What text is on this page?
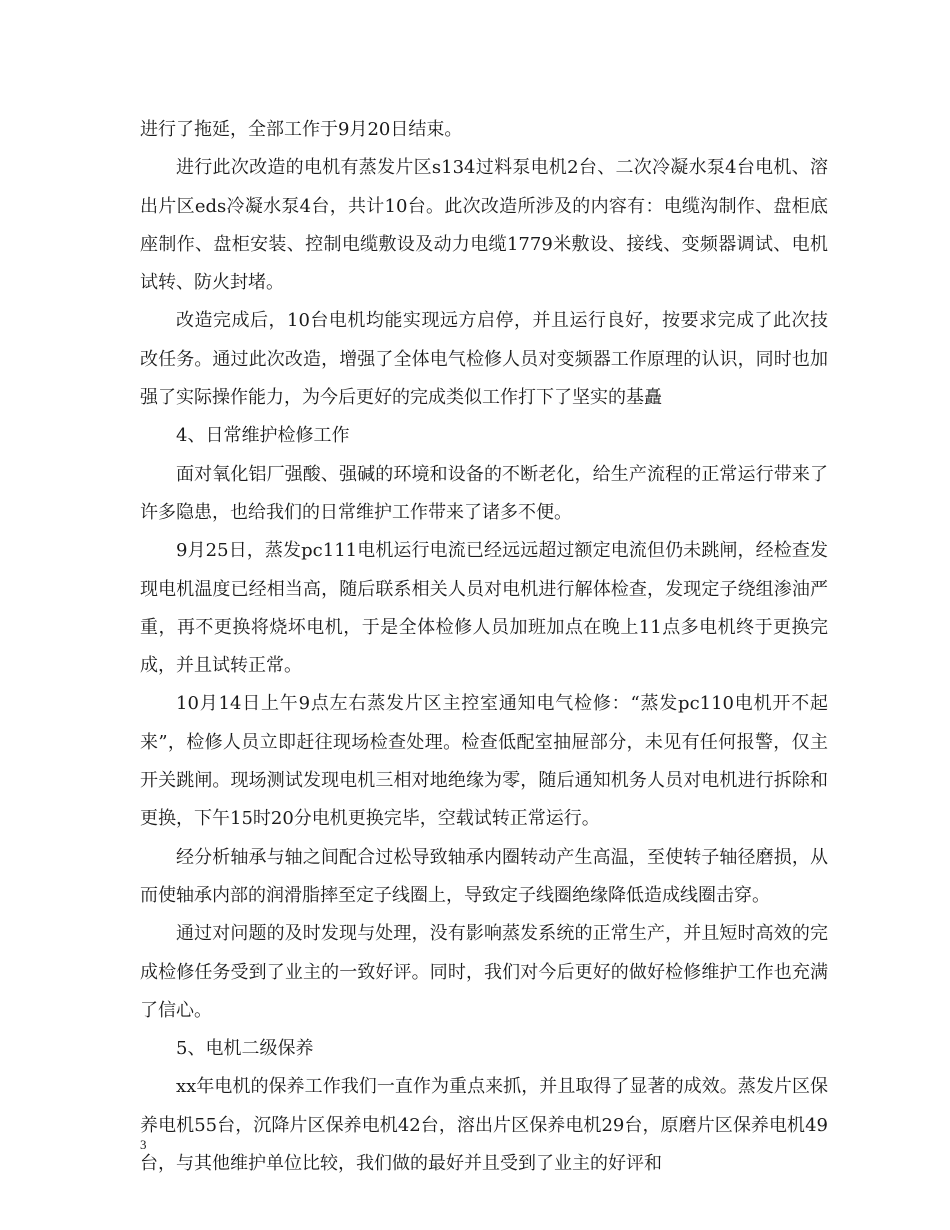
进行了拖延，全部工作于9月20日结束。

进行此次改造的电机有蒸发片区s134过料泵电机2台、二次冷凝水泵4台电机、溶出片区eds冷凝水泵4台，共计10台。此次改造所涉及的内容有：电缆沟制作、盘柜底座制作、盘柜安装、控制电缆敷设及动力电缆1779米敷设、接线、变频器调试、电机试转、防火封堵。

改造完成后，10台电机均能实现远方启停，并且运行良好，按要求完成了此次技改任务。通过此次改造，增强了全体电气检修人员对变频器工作原理的认识，同时也加强了实际操作能力，为今后更好的完成类似工作打下了坚实的基矗

4、日常维护检修工作

面对氧化铝厂强酸、强碱的环境和设备的不断老化，给生产流程的正常运行带来了许多隐患，也给我们的日常维护工作带来了诸多不便。

9月25日，蒸发pc111电机运行电流已经远远超过额定电流但仍未跳闸，经检查发现电机温度已经相当高，随后联系相关人员对电机进行解体检查，发现定子绕组渗油严重，再不更换将烧坏电机，于是全体检修人员加班加点在晚上11点多电机终于更换完成，并且试转正常。

10月14日上午9点左右蒸发片区主控室通知电气检修：“蒸发pc110电机开不起来”，检修人员立即赶往现场检查处理。检查低配室抽屉部分，未见有任何报警，仅主开关跳闸。现场测试发现电机三相对地绝缘为零，随后通知机务人员对电机进行拆除和更换，下午15时20分电机更换完毕，空载试转正常运行。

经分析轴承与轴之间配合过松导致轴承内圈转动产生高温，至使转子轴径磨损，从而使轴承内部的润滑脂摔至定子线圈上，导致定子线圈绝缘降低造成线圈击穿。

通过对问题的及时发现与处理，没有影响蒸发系统的正常生产，并且短时高效的完成检修任务受到了业主的一致好评。同时，我们对今后更好的做好检修维护工作也充满了信心。

5、电机二级保养

xx年电机的保养工作我们一直作为重点来抓，并且取得了显著的成效。蒸发片区保养电机55台，沉降片区保养电机42台，溶出片区保养电机29台，原磨片区保养电机49台，与其他维护单位比较，我们做的最好并且受到了业主的好评和

3
